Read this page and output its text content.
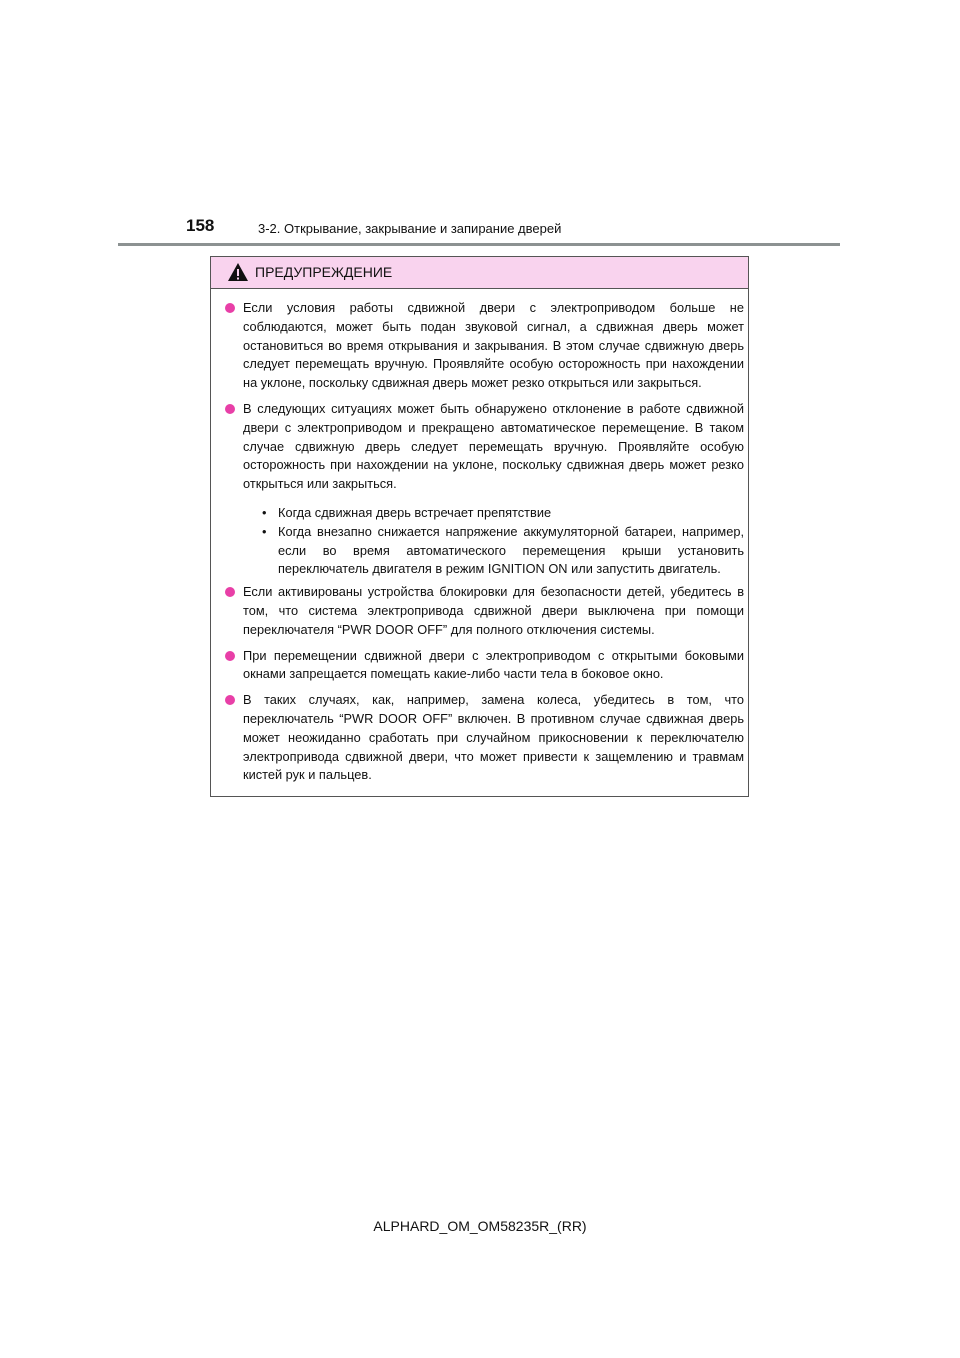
158	3-2. Открывание, закрывание и запирание дверей
ПРЕДУПРЕЖДЕНИЕ
Если условия работы сдвижной двери с электроприводом больше не соблюдаются, может быть подан звуковой сигнал, а сдвижная дверь может остановиться во время открывания и закрывания. В этом случае сдвижную дверь следует перемещать вручную. Проявляйте особую осторожность при нахождении на уклоне, поскольку сдвижная дверь может резко открыться или закрыться.
В следующих ситуациях может быть обнаружено отклонение в работе сдвижной двери с электроприводом и прекращено автоматическое перемещение. В таком случае сдвижную дверь следует перемещать вручную. Проявляйте особую осторожность при нахождении на уклоне, поскольку сдвижная дверь может резко открыться или закрыться.
• Когда сдвижная дверь встречает препятствие
• Когда внезапно снижается напряжение аккумуляторной батареи, например, если во время автоматического перемещения крыши установить переключатель двигателя в режим IGNITION ON или запустить двигатель.
Если активированы устройства блокировки для безопасности детей, убедитесь в том, что система электропривода сдвижной двери выключена при помощи переключателя “PWR DOOR OFF” для полного отключения системы.
При перемещении сдвижной двери с электроприводом с открытыми боковыми окнами запрещается помещать какие-либо части тела в боковое окно.
В таких случаях, как, например, замена колеса, убедитесь в том, что переключатель “PWR DOOR OFF” включен. В противном случае сдвижная дверь может неожиданно сработать при случайном прикосновении к переключателю электропривода сдвижной двери, что может привести к защемлению и травмам кистей рук и пальцев.
ALPHARD_OM_OM58235R_(RR)
